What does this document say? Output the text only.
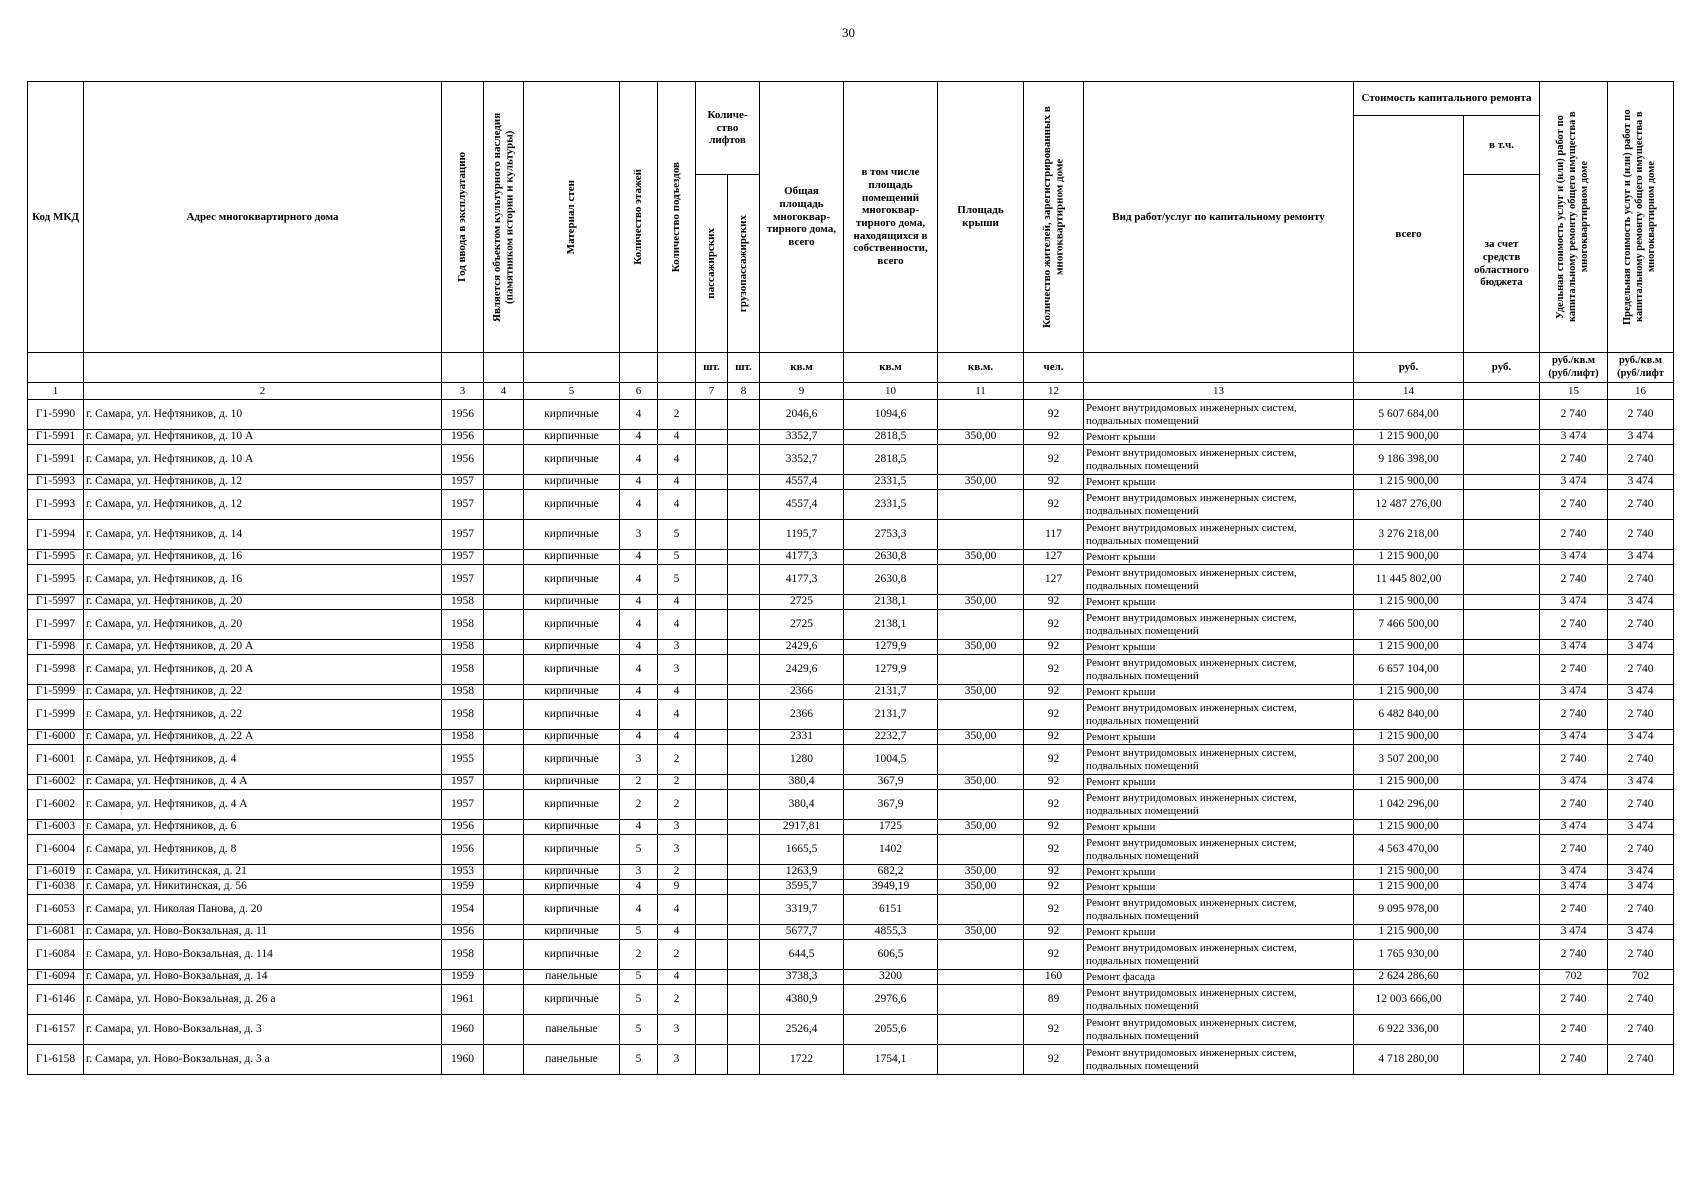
30
Код МКД	Адрес многоквартирного дома	Год ввода в эксплуатацию	Является объектом культурного наследия (памятником истории и культуры)	Материал стен	Количество этажей	Количество подъездов	Количе-ство лифтов		Общая площадь многоквар-тирного дома, всего	в том числе площадь помещений многоквар-тирного дома, находящихся в собственности, всего	Площадь крыши	Количество жителей, зарегистрированных в многоквартирном доме	Вид работ/услуг по капитальному ремонту	Стоимость капитального ремонта		Удельная стоимость услуг и (или) работ по капитальному ремонту общего имущества в многоквартирном доме	Предельная стоимость услуг и (или) работ по капитальному ремонту общего имущества в многоквартирном доме

														всего	в т.ч.		

							пассажирских	грузопассажирских							за счет средств областного бюджета		
							шт.	шт.	кв.м	кв.м	кв.м.	чел.		руб.	руб.	руб./кв.м (руб/лифт)	руб./кв.м (руб/лифт
1	2	3	4	5	6		7	8	9	10	11	12	13	14		15	16
Г1-5990	г. Самара, ул. Нефтяников, д. 10	1956		кирпичные	4	2			2046,6	1094,6		92	Ремонт внутридомовых инженерных систем, подвальных помещений	5 607 684,00		2 740	2 740
Г1-5991	г. Самара, ул. Нефтяников, д. 10 А	1956		кирпичные	4	4			3352,7	2818,5	350,00	92	Ремонт крыши	1 215 900,00		3 474	3 474
Г1-5991	г. Самара, ул. Нефтяников, д. 10 А	1956		кирпичные	4	4			3352,7	2818,5		92	Ремонт внутридомовых инженерных систем, подвальных помещений	9 186 398,00		2 740	2 740
Г1-5993	г. Самара, ул. Нефтяников, д. 12	1957		кирпичные	4	4			4557,4	2331,5	350,00	92	Ремонт крыши	1 215 900,00		3 474	3 474
Г1-5993	г. Самара, ул. Нефтяников, д. 12	1957		кирпичные	4	4			4557,4	2331,5		92	Ремонт внутридомовых инженерных систем, подвальных помещений	12 487 276,00		2 740	2 740
Г1-5994	г. Самара, ул. Нефтяников, д. 14	1957		кирпичные	3	5			1195,7	2753,3		117	Ремонт внутридомовых инженерных систем, подвальных помещений	3 276 218,00		2 740	2 740
Г1-5995	г. Самара, ул. Нефтяников, д. 16	1957		кирпичные	4	5			4177,3	2630,8	350,00	127	Ремонт крыши	1 215 900,00		3 474	3 474
Г1-5995	г. Самара, ул. Нефтяников, д. 16	1957		кирпичные	4	5			4177,3	2630,8		127	Ремонт внутридомовых инженерных систем, подвальных помещений	11 445 802,00		2 740	2 740
Г1-5997	г. Самара, ул. Нефтяников, д. 20	1958		кирпичные	4	4			2725	2138,1	350,00	92	Ремонт крыши	1 215 900,00		3 474	3 474
Г1-5997	г. Самара, ул. Нефтяников, д. 20	1958		кирпичные	4	4			2725	2138,1		92	Ремонт внутридомовых инженерных систем, подвальных помещений	7 466 500,00		2 740	2 740
Г1-5998	г. Самара, ул. Нефтяников, д. 20 А	1958		кирпичные	4	3			2429,6	1279,9	350,00	92	Ремонт крыши	1 215 900,00		3 474	3 474
Г1-5998	г. Самара, ул. Нефтяников, д. 20 А	1958		кирпичные	4	3			2429,6	1279,9		92	Ремонт внутридомовых инженерных систем, подвальных помещений	6 657 104,00		2 740	2 740
Г1-5999	г. Самара, ул. Нефтяников, д. 22	1958		кирпичные	4	4			2366	2131,7	350,00	92	Ремонт крыши	1 215 900,00		3 474	3 474
Г1-5999	г. Самара, ул. Нефтяников, д. 22	1958		кирпичные	4	4			2366	2131,7		92	Ремонт внутридомовых инженерных систем, подвальных помещений	6 482 840,00		2 740	2 740
Г1-6000	г. Самара, ул. Нефтяников, д. 22 А	1958		кирпичные	4	4			2331	2232,7	350,00	92	Ремонт крыши	1 215 900,00		3 474	3 474
Г1-6001	г. Самара, ул. Нефтяников, д. 4	1955		кирпичные	3	2			1280	1004,5		92	Ремонт внутридомовых инженерных систем, подвальных помещений	3 507 200,00		2 740	2 740
Г1-6002	г. Самара, ул. Нефтяников, д. 4 А	1957		кирпичные	2	2			380,4	367,9	350,00	92	Ремонт крыши	1 215 900,00		3 474	3 474
Г1-6002	г. Самара, ул. Нефтяников, д. 4 А	1957		кирпичные	2	2			380,4	367,9		92	Ремонт внутридомовых инженерных систем, подвальных помещений	1 042 296,00		2 740	2 740
Г1-6003	г. Самара, ул. Нефтяников, д. 6	1956		кирпичные	4	3			2917,81	1725	350,00	92	Ремонт крыши	1 215 900,00		3 474	3 474
Г1-6004	г. Самара, ул. Нефтяников, д. 8	1956		кирпичные	5	3			1665,5	1402		92	Ремонт внутридомовых инженерных систем, подвальных помещений	4 563 470,00		2 740	2 740
Г1-6019	г. Самара, ул. Никитинская, д. 21	1953		кирпичные	3	2			1263,9	682,2	350,00	92	Ремонт крыши	1 215 900,00		3 474	3 474
Г1-6038	г. Самара, ул. Никитинская, д. 56	1959		кирпичные	4	9			3595,7	3949,19	350,00	92	Ремонт крыши	1 215 900,00		3 474	3 474
Г1-6053	г. Самара, ул. Николая Панова, д. 20	1954		кирпичные	4	4			3319,7	6151		92	Ремонт внутридомовых инженерных систем, подвальных помещений	9 095 978,00		2 740	2 740
Г1-6081	г. Самара, ул. Ново-Вокзальная, д. 11	1956		кирпичные	5	4			5677,7	4855,3	350,00	92	Ремонт крыши	1 215 900,00		3 474	3 474
Г1-6084	г. Самара, ул. Ново-Вокзальная, д. 114	1958		кирпичные	2	2			644,5	606,5		92	Ремонт внутридомовых инженерных систем, подвальных помещений	1 765 930,00		2 740	2 740
Г1-6094	г. Самара, ул. Ново-Вокзальная, д. 14	1959		панельные	5	4			3738,3	3200		160	Ремонт фасада	2 624 286,60		702	702
Г1-6146	г. Самара, ул. Ново-Вокзальная, д. 26 а	1961		кирпичные	5	2			4380,9	2976,6		89	Ремонт внутридомовых инженерных систем, подвальных помещений	12 003 666,00		2 740	2 740
Г1-6157	г. Самара, ул. Ново-Вокзальная, д. 3	1960		панельные	5	3			2526,4	2055,6		92	Ремонт внутридомовых инженерных систем, подвальных помещений	6 922 336,00		2 740	2 740
Г1-6158	г. Самара, ул. Ново-Вокзальная, д. 3 а	1960		панельные	5	3			1722	1754,1		92	Ремонт внутридомовых инженерных систем, подвальных помещений	4 718 280,00		2 740	2 740
